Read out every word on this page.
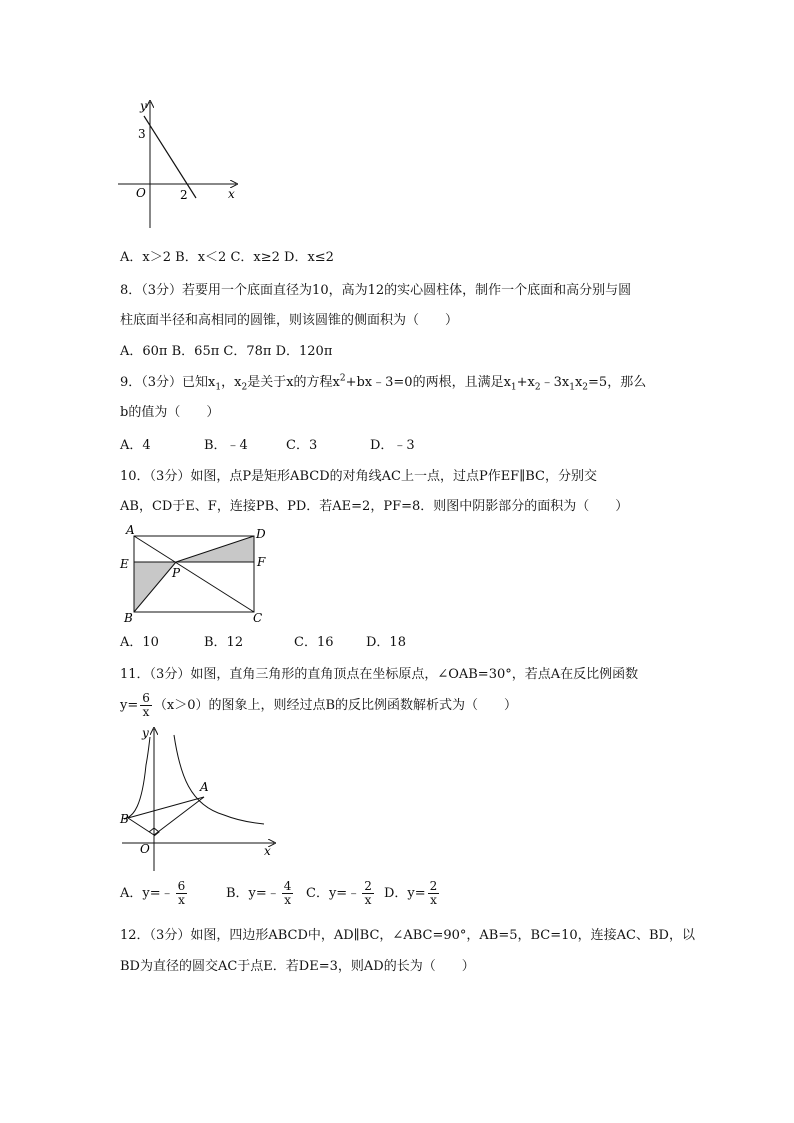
y
x
3
O	2
A．x＞2 B．x＜2 C．x≥2 D．x≤2
8．（3分）若要用一个底面直径为10，高为12的实心圆柱体，制作一个底面和高分别与圆
柱底面半径和高相同的圆锥，则该圆锥的侧面积为（　　）
A．60π B．65π C．78π D．120π
9．（3分）已知$x_1$，$x_2$是关于x的方程$x^2+bx﹣3=0$的两根，且满足$x_1+x_2﹣3x_1x_2=5$，那么
b的值为（　　）
A．4	B．﹣4	C．3	D．﹣3
10．（3分）如图，点P是矩形ABCD的对角线AC上一点，过点P作EF∥BC，分别交
AB，CD于E、F，连接PB、PD．若AE=2，PF=8．则图中阴影部分的面积为（　　）
A	D
E	F
P
B	C
A．10	B．12	C．16	D．18
11．（3分）如图，直角三角形的直角顶点在坐标原点，∠OAB=30°，若点A在反比例函数
$y= \frac{6}{x} (x>0)$的图象上，则经过点B的反比例函数解析式为（　　）
y
A
B
O	x
A．y=﹣ $\frac{6}{x}$	B．y=﹣ $\frac{4}{x}$ C．y=﹣ $\frac{2}{x}$ D．$y= \frac{2}{x}$
12．（3分）如图，四边形ABCD中，AD∥BC，∠ABC=90°，AB=5，BC=10，连接AC、BD，以
BD为直径的圆交AC于点E．若DE=3，则AD的长为（　　）
